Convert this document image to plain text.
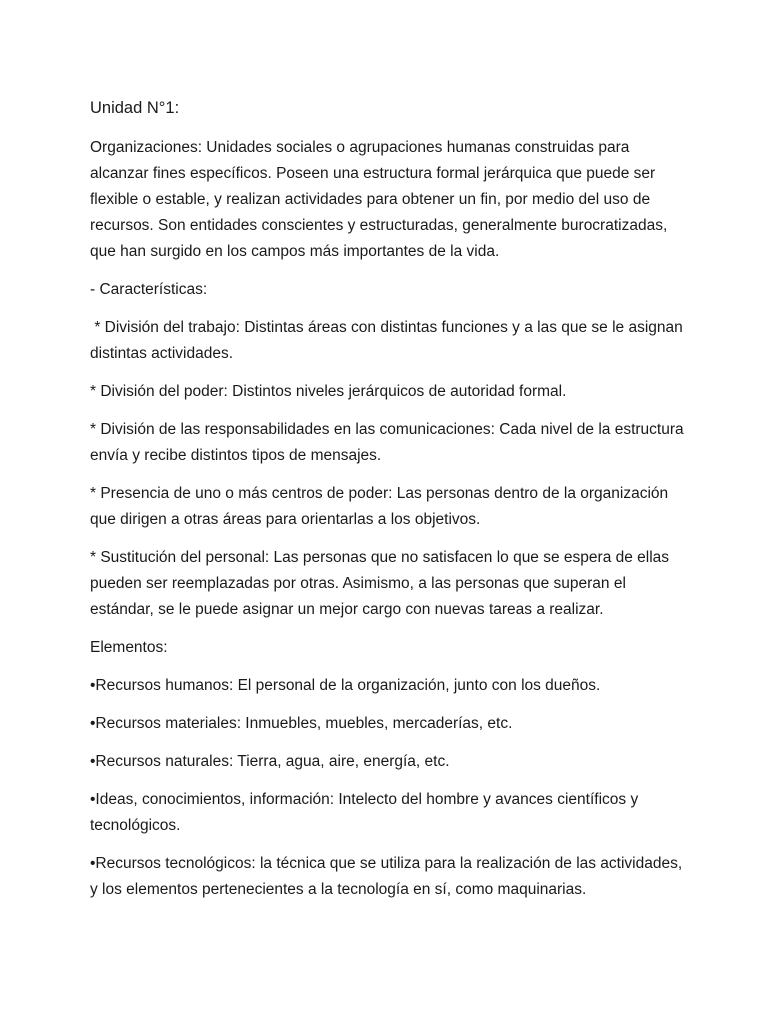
Unidad N°1:

Organizaciones: Unidades sociales o agrupaciones humanas construidas para alcanzar fines específicos. Poseen una estructura formal jerárquica que puede ser flexible o estable, y realizan actividades para obtener un fin, por medio del uso de recursos. Son entidades conscientes y estructuradas, generalmente burocratizadas, que han surgido en los campos más importantes de la vida.

- Características:

* División del trabajo: Distintas áreas con distintas funciones y a las que se le asignan distintas actividades.

* División del poder: Distintos niveles jerárquicos de autoridad formal.

* División de las responsabilidades en las comunicaciones: Cada nivel de la estructura envía y recibe distintos tipos de mensajes.

* Presencia de uno o más centros de poder: Las personas dentro de la organización que dirigen a otras áreas para orientarlas a los objetivos.

* Sustitución del personal: Las personas que no satisfacen lo que se espera de ellas pueden ser reemplazadas por otras. Asimismo, a las personas que superan el estándar, se le puede asignar un mejor cargo con nuevas tareas a realizar.

Elementos:

•Recursos humanos: El personal de la organización, junto con los dueños.

•Recursos materiales: Inmuebles, muebles, mercaderías, etc.

•Recursos naturales: Tierra, agua, aire, energía, etc.

•Ideas, conocimientos, información: Intelecto del hombre y avances científicos y tecnológicos.

•Recursos tecnológicos: la técnica que se utiliza para la realización de las actividades, y los elementos pertenecientes a la tecnología en sí, como maquinarias.
